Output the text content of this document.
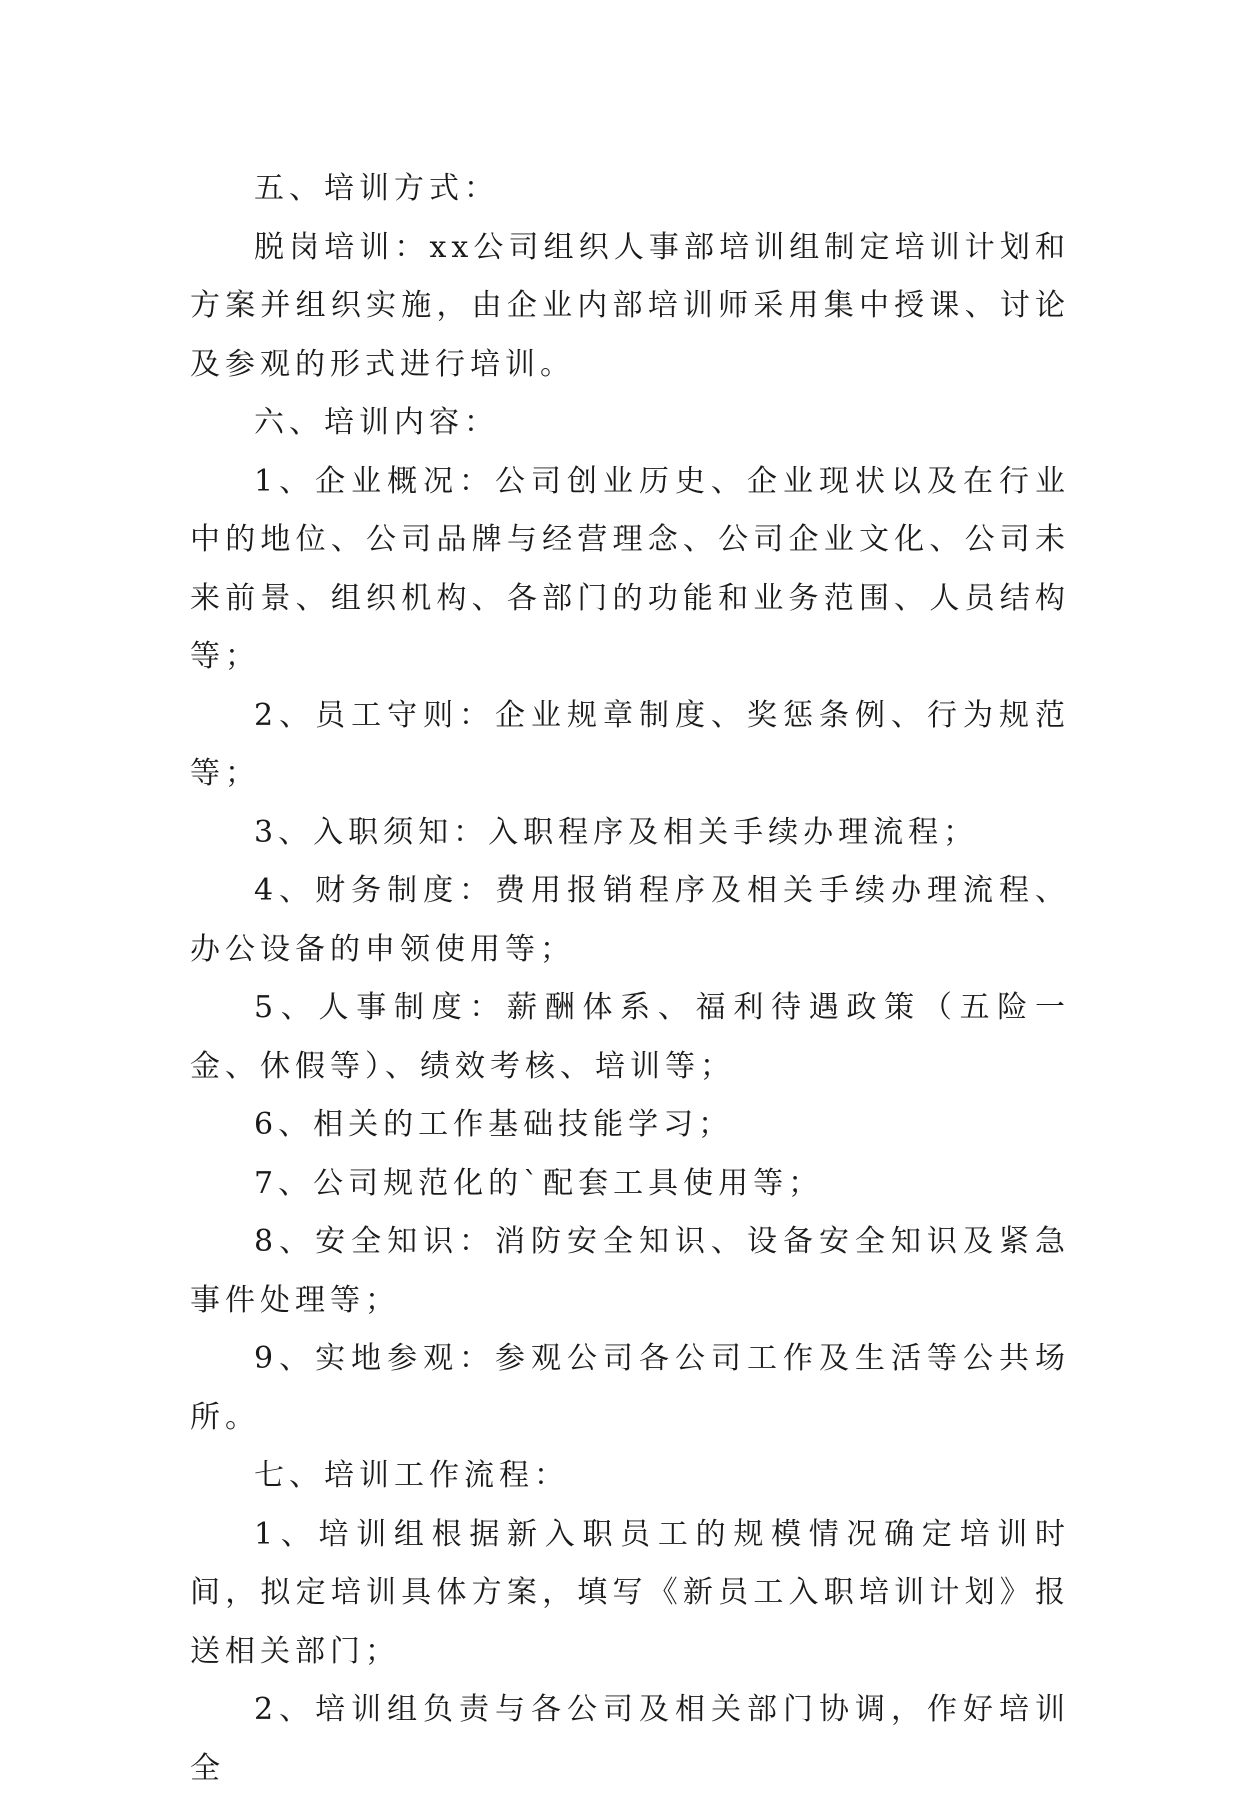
五、培训方式：

脱岗培训：xx公司组织人事部培训组制定培训计划和方案并组织实施，由企业内部培训师采用集中授课、讨论及参观的形式进行培训。

六、培训内容：

1、企业概况：公司创业历史、企业现状以及在行业中的地位、公司品牌与经营理念、公司企业文化、公司未来前景、组织机构、各部门的功能和业务范围、人员结构等；

2、员工守则：企业规章制度、奖惩条例、行为规范等；

3、入职须知：入职程序及相关手续办理流程；

4、财务制度：费用报销程序及相关手续办理流程、办公设备的申领使用等；

5、人事制度：薪酬体系、福利待遇政策（五险一金、休假等）、绩效考核、培训等；

6、相关的工作基础技能学习；

7、公司规范化的`配套工具使用等；

8、安全知识：消防安全知识、设备安全知识及紧急事件处理等；

9、实地参观：参观公司各公司工作及生活等公共场所。

七、培训工作流程：

1、培训组根据新入职员工的规模情况确定培训时间，拟定培训具体方案，填写《新员工入职培训计划》报送相关部门；

2、培训组负责与各公司及相关部门协调，作好培训全
